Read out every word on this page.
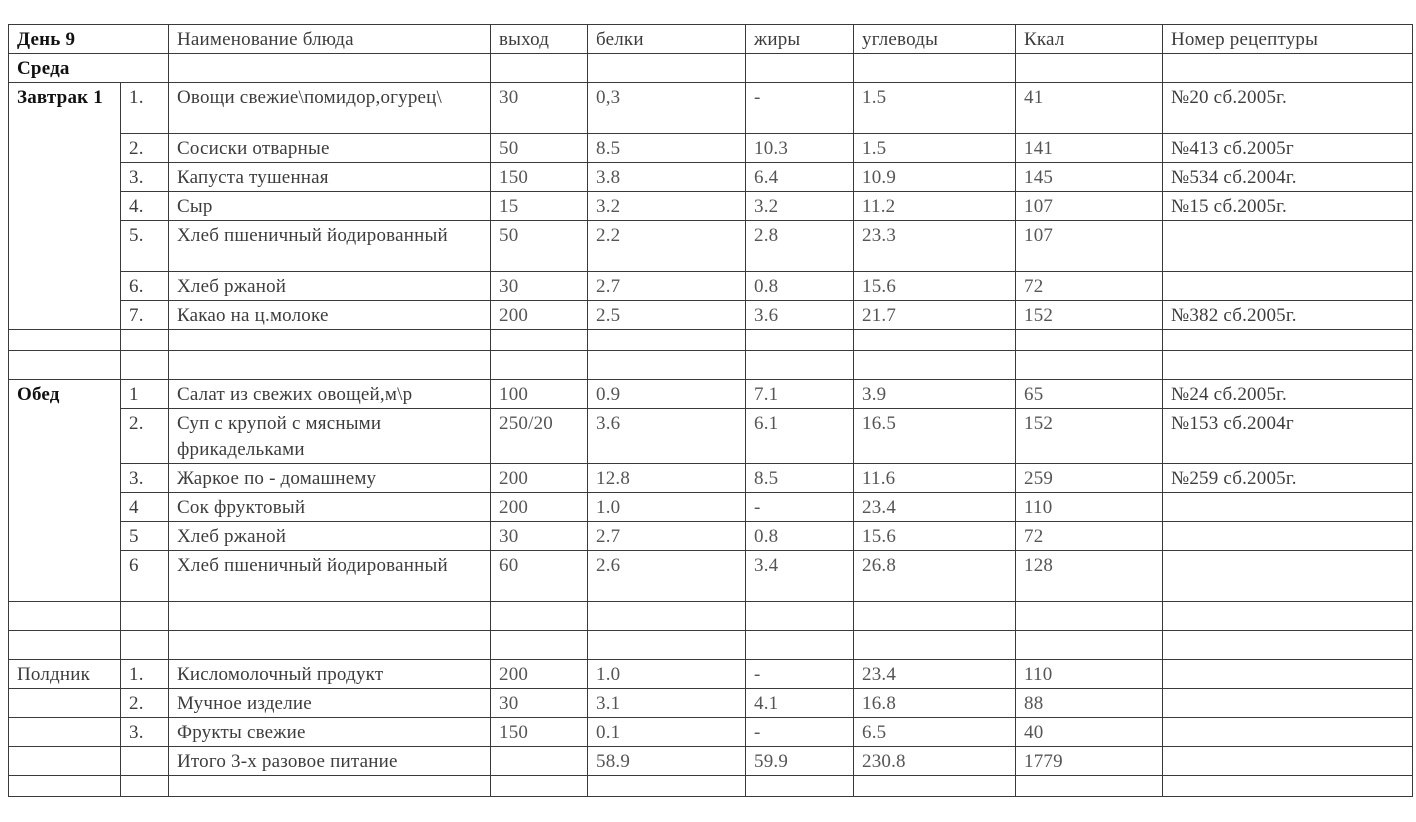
День 9		Наименование блюда	выход	белки	жиры	углеводы	Ккал	Номер рецептуры
Среда								
Завтрак 1	1.	Овощи свежие\помидор,огурец\	30	0,3	-	1.5	41	№20 сб.2005г.
	2.	Сосиски отварные	50	8.5	10.3	1.5	141	№413 сб.2005г
	3.	Капуста тушенная	150	3.8	6.4	10.9	145	№534 сб.2004г.
	4.	Сыр	15	3.2	3.2	11.2	107	№15 сб.2005г.
	5.	Хлеб пшеничный йодированный	50	2.2	2.8	23.3	107	
	6.	Хлеб ржаной	30	2.7	0.8	15.6	72	
	7.	Какао на ц.молоке	200	2.5	3.6	21.7	152	№382 сб.2005г.

Обед	1	Салат из свежих овощей,м\р	100	0.9	7.1	3.9	65	№24 сб.2005г.
	2.	Суп с крупой с мясными фрикадельками	250/20	3.6	6.1	16.5	152	№153 сб.2004г
	3.	Жаркое по - домашнему	200	12.8	8.5	11.6	259	№259 сб.2005г.
	4	Сок фруктовый	200	1.0	-	23.4	110	
	5	Хлеб ржаной	30	2.7	0.8	15.6	72	
	6	Хлеб пшеничный йодированный	60	2.6	3.4	26.8	128	

Полдник	1.	Кисломолочный продукт	200	1.0	-	23.4	110	
	2.	Мучное изделие	30	3.1	4.1	16.8	88	
	3.	Фрукты свежие	150	0.1	-	6.5	40	
		Итого 3-х разовое питание		58.9	59.9	230.8	1779	
